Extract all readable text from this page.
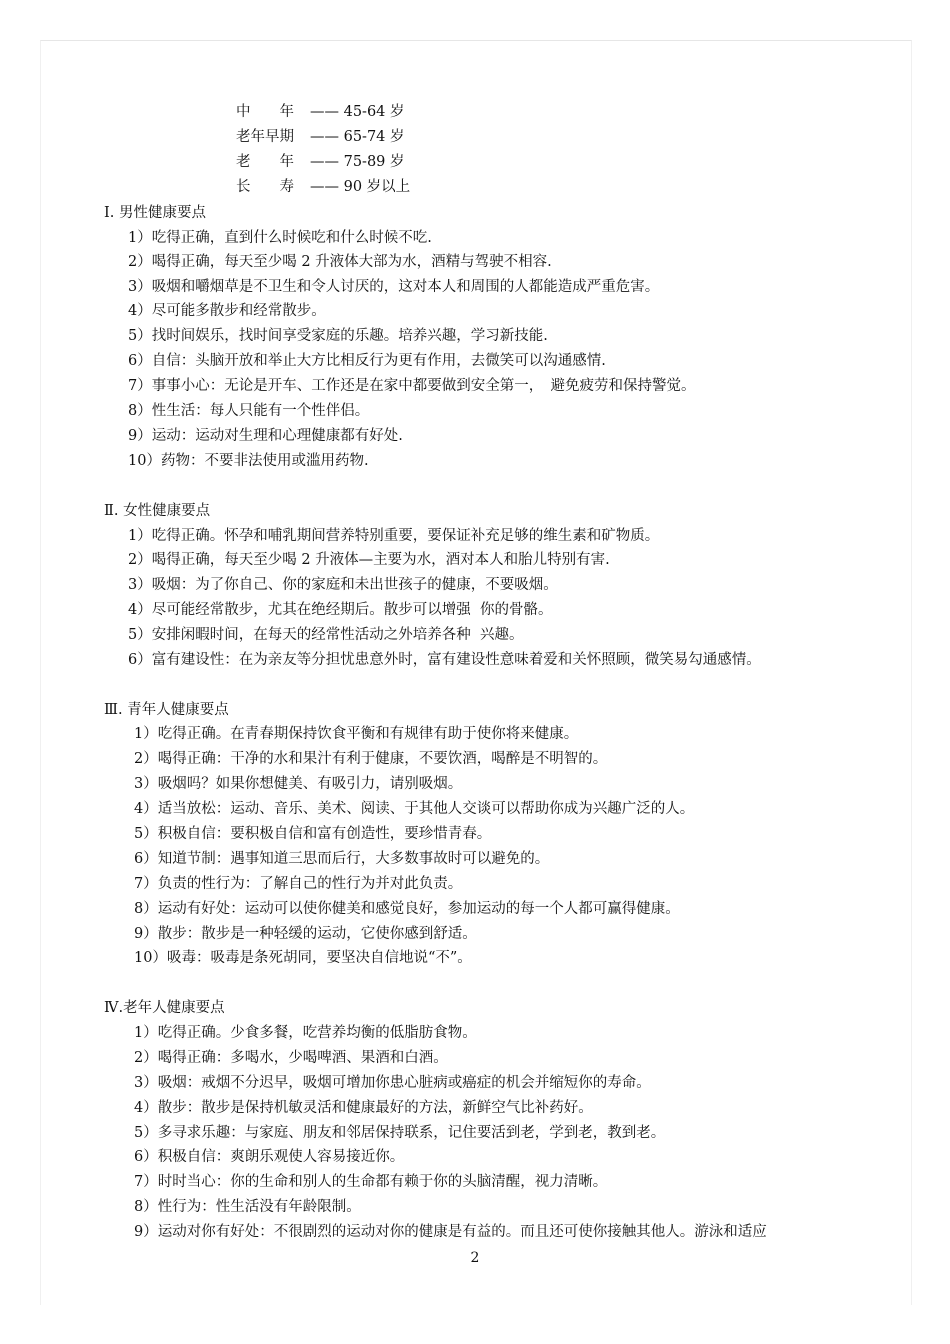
中　　年	—— 45-64 岁
老年早期	—— 65-74 岁
老　　年	—— 75-89 岁
长　　寿	—— 90 岁以上
Ⅰ. 男性健康要点
1）吃得正确，直到什么时候吃和什么时候不吃.
2）喝得正确，每天至少喝 2 升液体大部为水，酒精与驾驶不相容.
3）吸烟和嚼烟草是不卫生和令人讨厌的，这对本人和周围的人都能造成严重危害。
4）尽可能多散步和经常散步。
5）找时间娱乐，找时间享受家庭的乐趣。培养兴趣，学习新技能.
6）自信：头脑开放和举止大方比相反行为更有作用，去微笑可以沟通感情.
7）事事小心：无论是开车、工作还是在家中都要做到安全第一，　避免疲劳和保持警觉。
8）性生活：每人只能有一个性伴侣。
9）运动：运动对生理和心理健康都有好处.
10）药物：不要非法使用或滥用药物.
Ⅱ. 女性健康要点
1）吃得正确。怀孕和哺乳期间营养特别重要，要保证补充足够的维生素和矿物质。
2）喝得正确，每天至少喝 2 升液体—主要为水，酒对本人和胎儿特别有害.
3）吸烟：为了你自己、你的家庭和未出世孩子的健康，不要吸烟。
4）尽可能经常散步，尤其在绝经期后。散步可以增强  你的骨骼。
5）安排闲暇时间，在每天的经常性活动之外培养各种  兴趣。
6）富有建设性：在为亲友等分担忧患意外时，富有建设性意味着爱和关怀照顾，微笑易勾通感情。
Ⅲ. 青年人健康要点
1）吃得正确。在青春期保持饮食平衡和有规律有助于使你将来健康。
2）喝得正确：干净的水和果汁有利于健康，不要饮酒，喝醉是不明智的。
3）吸烟吗？如果你想健美、有吸引力，请别吸烟。
4）适当放松：运动、音乐、美术、阅读、于其他人交谈可以帮助你成为兴趣广泛的人。
5）积极自信：要积极自信和富有创造性，要珍惜青春。
6）知道节制：遇事知道三思而后行，大多数事故时可以避免的。
7）负责的性行为：了解自己的性行为并对此负责。
8）运动有好处：运动可以使你健美和感觉良好，参加运动的每一个人都可赢得健康。
9）散步：散步是一种轻缓的运动，它使你感到舒适。
10）吸毒：吸毒是条死胡同，要坚决自信地说“不”。
Ⅳ.老年人健康要点
1）吃得正确。少食多餐，吃营养均衡的低脂肪食物。
2）喝得正确：多喝水，少喝啤酒、果酒和白酒。
3）吸烟：戒烟不分迟早，吸烟可增加你患心脏病或癌症的机会并缩短你的寿命。
4）散步：散步是保持机敏灵活和健康最好的方法，新鲜空气比补药好。
5）多寻求乐趣：与家庭、朋友和邻居保持联系，记住要活到老，学到老，教到老。
6）积极自信：爽朗乐观使人容易接近你。
7）时时当心：你的生命和别人的生命都有赖于你的头脑清醒，视力清晰。
8）性行为：性生活没有年龄限制。
9）运动对你有好处：不很剧烈的运动对你的健康是有益的。而且还可使你接触其他人。游泳和适应
2
